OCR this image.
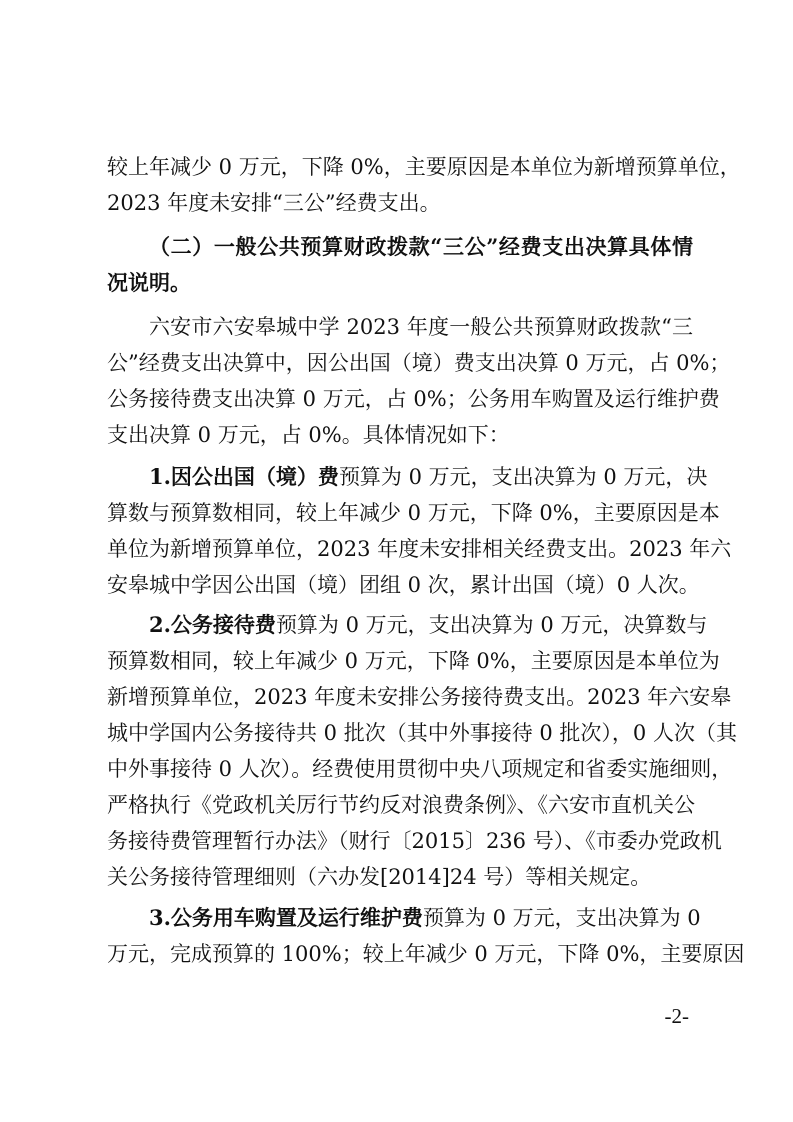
较上年减少 0 万元，下降 0%，主要原因是本单位为新增预算单位，
2023 年度未安排“三公”经费支出。
（二）一般公共预算财政拨款“三公”经费支出决算具体情
况说明。
六安市六安皋城中学 2023 年度一般公共预算财政拨款“三
公”经费支出决算中，因公出国（境）费支出决算 0 万元，占 0%；
公务接待费支出决算 0 万元，占 0%；公务用车购置及运行维护费
支出决算 0 万元，占 0%。具体情况如下：
1.因公出国（境）费预算为 0 万元，支出决算为 0 万元，决
算数与预算数相同，较上年减少 0 万元，下降 0%，主要原因是本
单位为新增预算单位，2023 年度未安排相关经费支出。2023 年六
安皋城中学因公出国（境）团组 0 次，累计出国（境）0 人次。
2.公务接待费预算为 0 万元，支出决算为 0 万元，决算数与
预算数相同，较上年减少 0 万元，下降 0%，主要原因是本单位为
新增预算单位，2023 年度未安排公务接待费支出。2023 年六安皋
城中学国内公务接待共 0 批次（其中外事接待 0 批次），0 人次（其
中外事接待 0 人次）。经费使用贯彻中央八项规定和省委实施细则，
严格执行《党政机关厉行节约反对浪费条例》、《六安市直机关公
务接待费管理暂行办法》（财行〔2015〕236 号）、《市委办党政机
关公务接待管理细则（六办发[2014]24 号）等相关规定。
3.公务用车购置及运行维护费预算为 0 万元，支出决算为 0
万元，完成预算的 100%；较上年减少 0 万元，下降 0%，主要原因
-2-
